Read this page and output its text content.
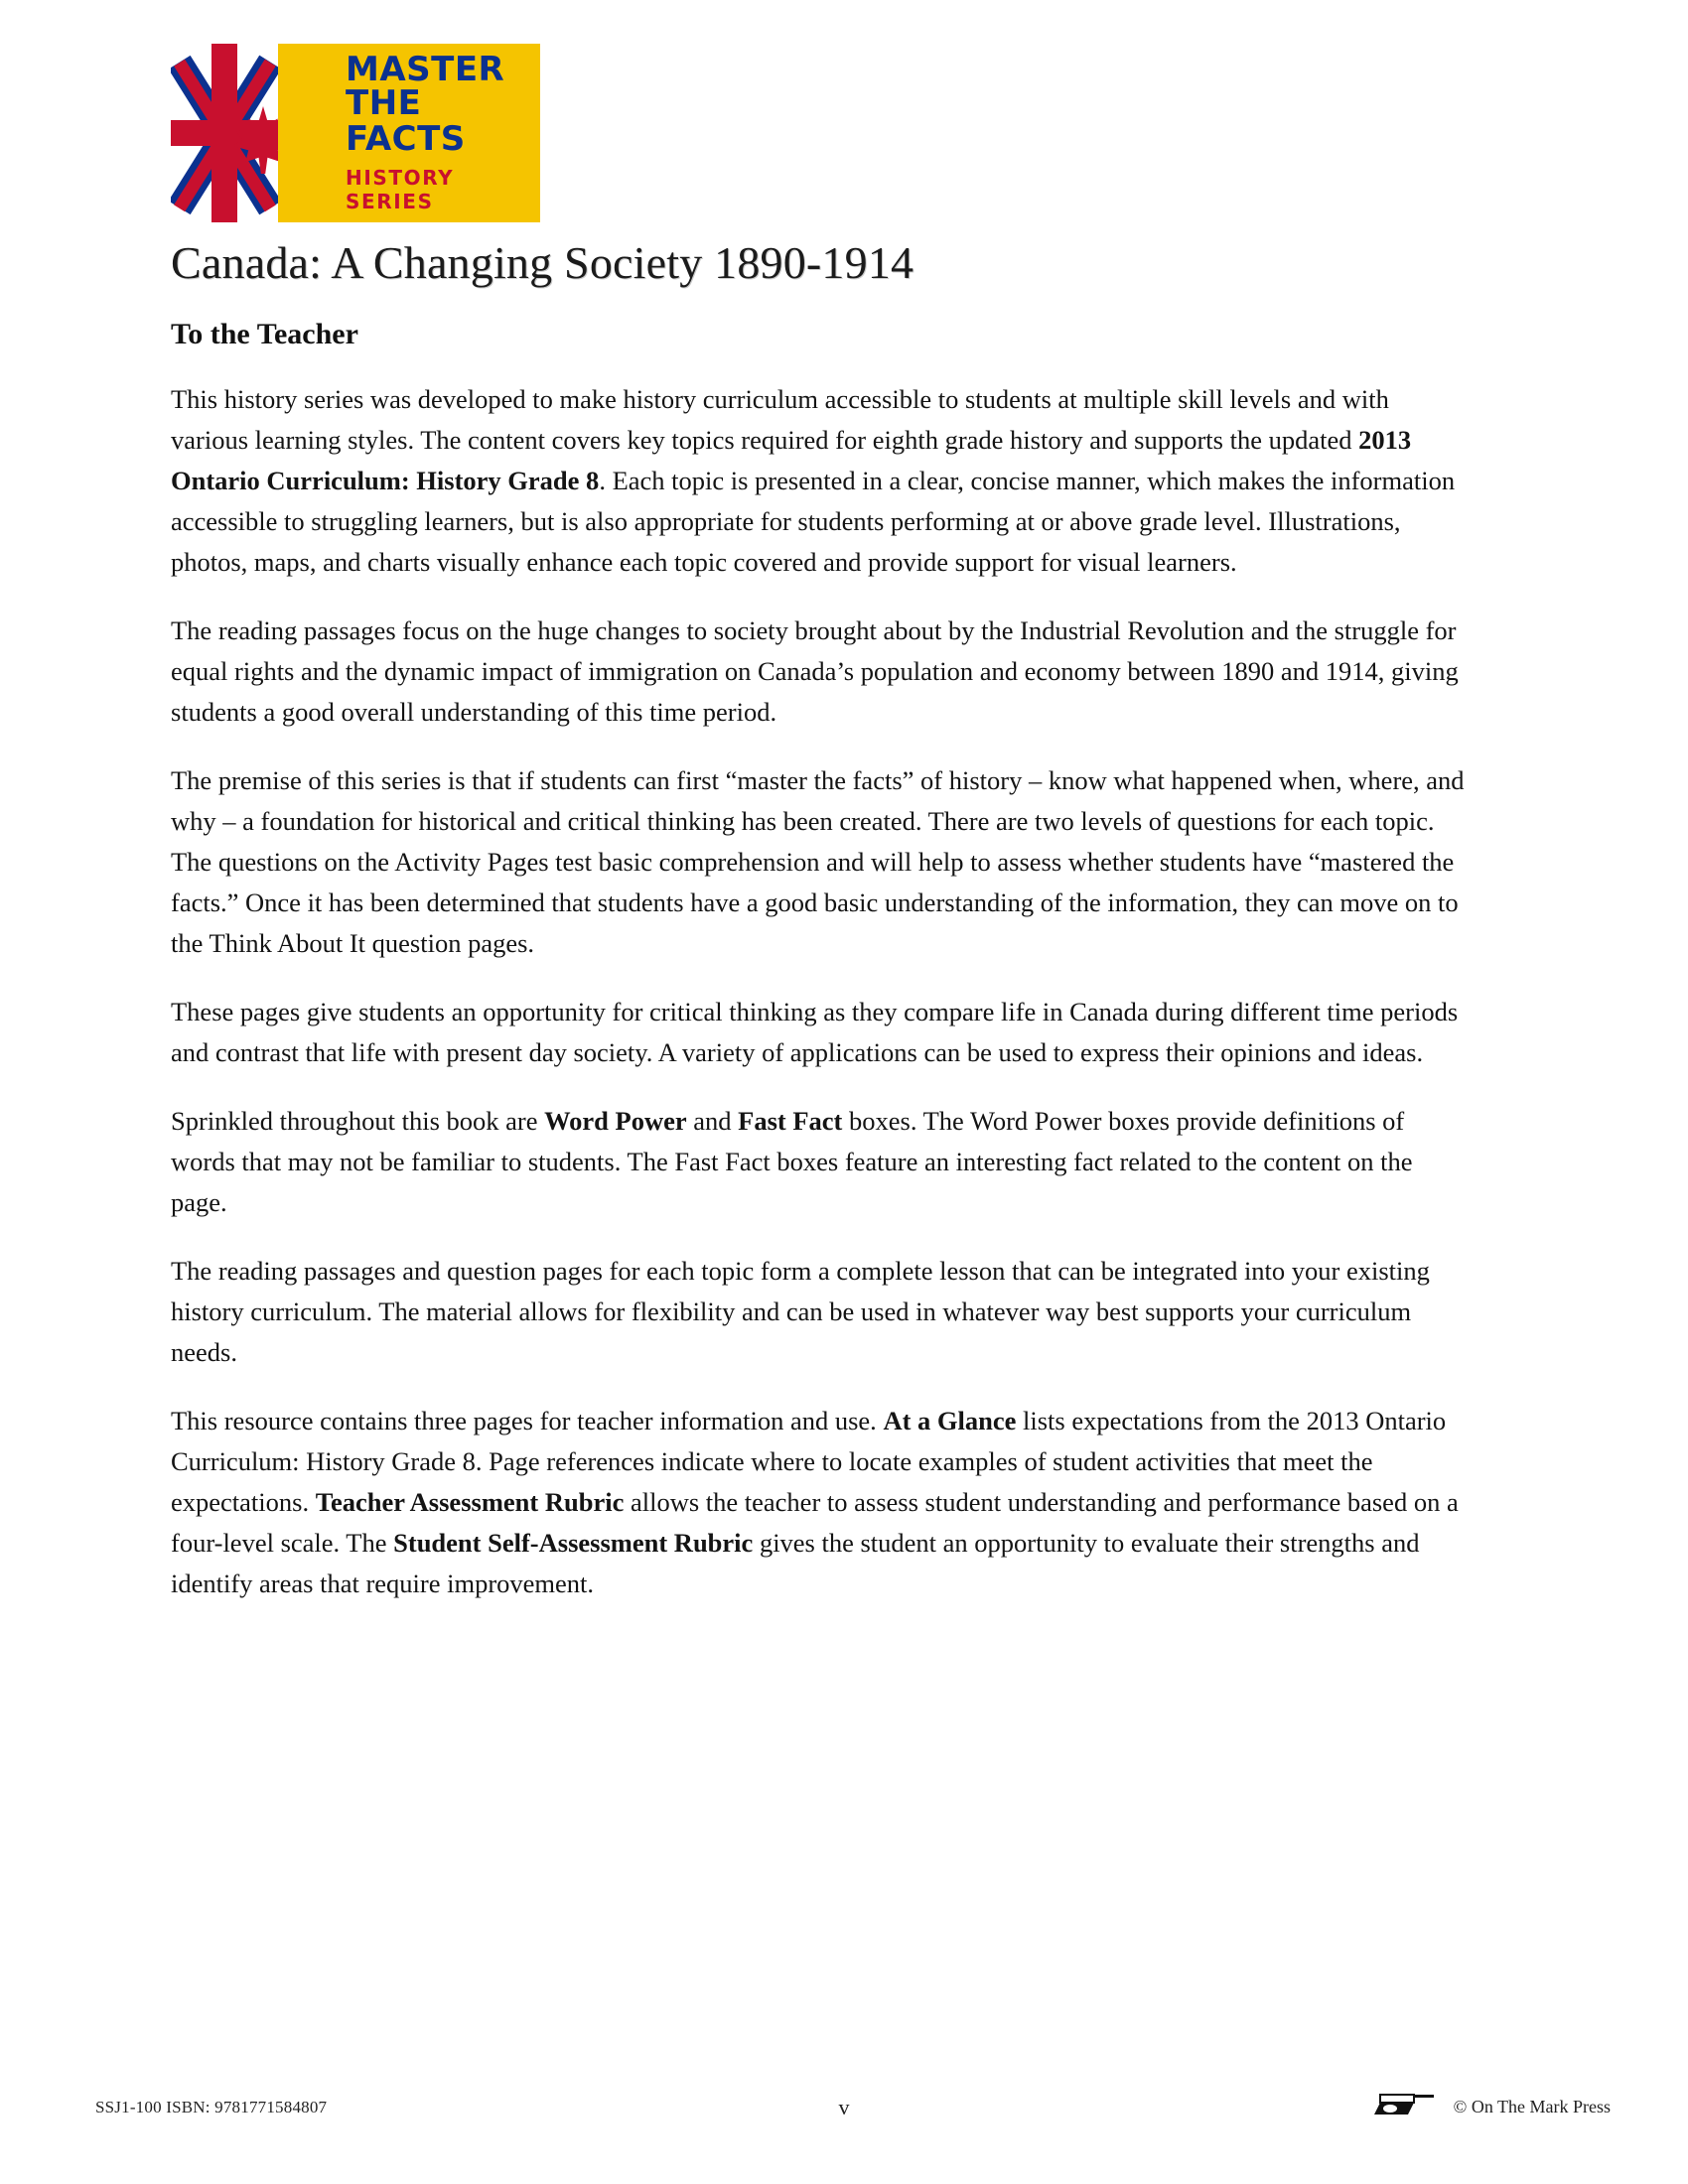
MASTER
THE FACTS
HISTORY SERIES
Canada: A Changing Society 1890-1914
To the Teacher

This history series was developed to make history curriculum accessible to students at multiple skill levels and with various learning styles. The content covers key topics required for eighth grade history and supports the updated 2013 Ontario Curriculum: History Grade 8. Each topic is presented in a clear, concise manner, which makes the information accessible to struggling learners, but is also appropriate for students performing at or above grade level. Illustrations, photos, maps, and charts visually enhance each topic covered and provide support for visual learners.

The reading passages focus on the huge changes to society brought about by the Industrial Revolution and the struggle for equal rights and the dynamic impact of immigration on Canada’s population and economy between 1890 and 1914, giving students a good overall understanding of this time period.

The premise of this series is that if students can first “master the facts” of history – know what happened when, where, and why – a foundation for historical and critical thinking has been created. There are two levels of questions for each topic. The questions on the Activity Pages test basic comprehension and will help to assess whether students have “mastered the facts.” Once it has been determined that students have a good basic understanding of the information, they can move on to the Think About It question pages.

These pages give students an opportunity for critical thinking as they compare life in Canada during different time periods and contrast that life with present day society. A variety of applications can be used to express their opinions and ideas.

Sprinkled throughout this book are Word Power and Fast Fact boxes. The Word Power boxes provide definitions of words that may not be familiar to students. The Fast Fact boxes feature an interesting fact related to the content on the page.

The reading passages and question pages for each topic form a complete lesson that can be integrated into your existing history curriculum. The material allows for flexibility and can be used in whatever way best supports your curriculum needs.

This resource contains three pages for teacher information and use. At a Glance lists expectations from the 2013 Ontario Curriculum: History Grade 8. Page references indicate where to locate examples of student activities that meet the expectations. Teacher Assessment Rubric allows the teacher to assess student understanding and performance based on a four-level scale. The Student Self-Assessment Rubric gives the student an opportunity to evaluate their strengths and identify areas that require improvement.

SSJ1-100 ISBN: 9781771584807	v	© On The Mark Press
